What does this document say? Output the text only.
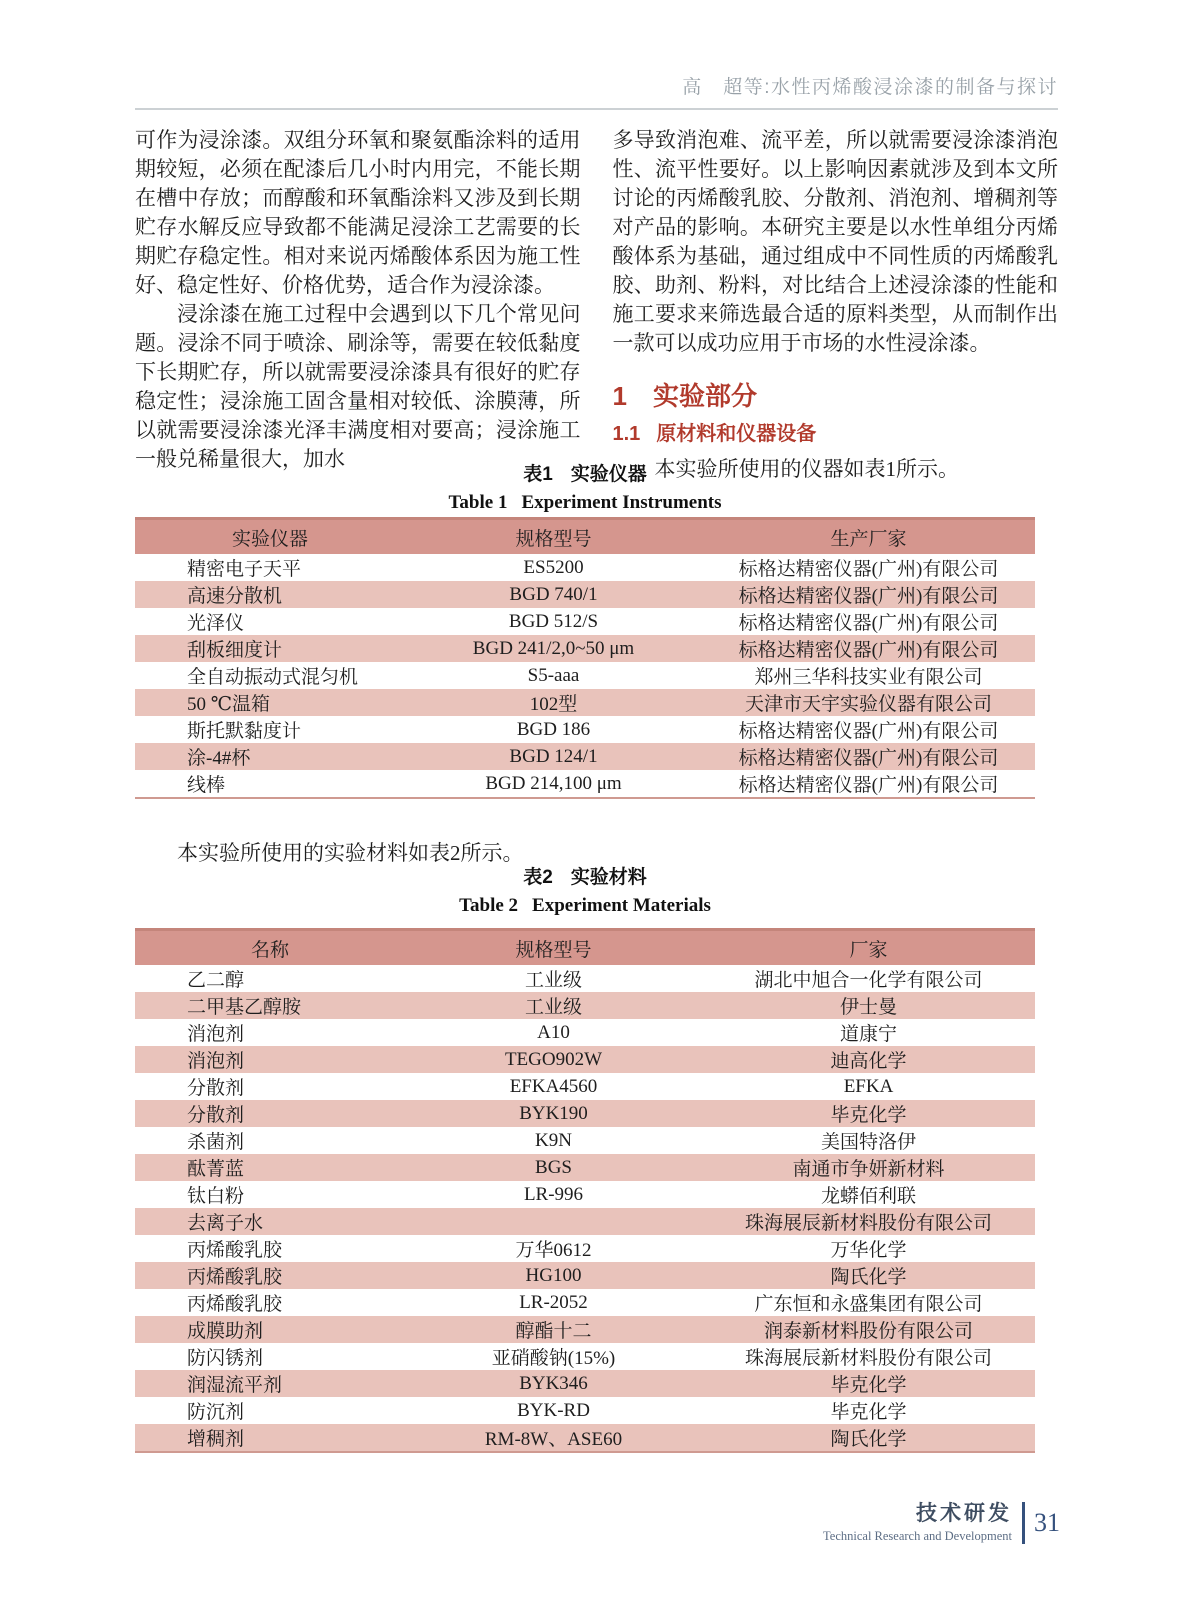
高　超等:水性丙烯酸浸涂漆的制备与探讨

可作为浸涂漆。双组分环氧和聚氨酯涂料的适用期较短，必须在配漆后几小时内用完，不能长期在槽中存放；而醇酸和环氧酯涂料又涉及到长期贮存水解反应导致都不能满足浸涂工艺需要的长期贮存稳定性。相对来说丙烯酸体系因为施工性好、稳定性好、价格优势，适合作为浸涂漆。

浸涂漆在施工过程中会遇到以下几个常见问题。浸涂不同于喷涂、刷涂等，需要在较低黏度下长期贮存，所以就需要浸涂漆具有很好的贮存稳定性；浸涂施工固含量相对较低、涂膜薄，所以就需要浸涂漆光泽丰满度相对要高；浸涂施工一般兑稀量很大，加水

多导致消泡难、流平差，所以就需要浸涂漆消泡性、流平性要好。以上影响因素就涉及到本文所讨论的丙烯酸乳胶、分散剂、消泡剂、增稠剂等对产品的影响。本研究主要是以水性单组分丙烯酸体系为基础，通过组成中不同性质的丙烯酸乳胶、助剂、粉料，对比结合上述浸涂漆的性能和施工要求来筛选最合适的原料类型，从而制作出一款可以成功应用于市场的水性浸涂漆。

1 实验部分
1.1 原材料和仪器设备

本实验所使用的仪器如表1所示。

表1 实验仪器
Table 1 Experiment Instruments
实验仪器	规格型号	生产厂家
精密电子天平	ES5200	标格达精密仪器(广州)有限公司
高速分散机	BGD 740/1	标格达精密仪器(广州)有限公司
光泽仪	BGD 512/S	标格达精密仪器(广州)有限公司
刮板细度计	BGD 241/2,0~50 μm	标格达精密仪器(广州)有限公司
全自动振动式混匀机	S5-aaa	郑州三华科技实业有限公司
50 ℃温箱	102型	天津市天宇实验仪器有限公司
斯托默黏度计	BGD 186	标格达精密仪器(广州)有限公司
涂-4#杯	BGD 124/1	标格达精密仪器(广州)有限公司
线棒	BGD 214,100 μm	标格达精密仪器(广州)有限公司

本实验所使用的实验材料如表2所示。

表2 实验材料
Table 2 Experiment Materials
名称	规格型号	厂家
乙二醇	工业级	湖北中旭合一化学有限公司
二甲基乙醇胺	工业级	伊士曼
消泡剂	A10	道康宁
消泡剂	TEGO902W	迪高化学
分散剂	EFKA4560	EFKA
分散剂	BYK190	毕克化学
杀菌剂	K9N	美国特洛伊
酞菁蓝	BGS	南通市争妍新材料
钛白粉	LR-996	龙蟒佰利联
去离子水		珠海展辰新材料股份有限公司
丙烯酸乳胶	万华0612	万华化学
丙烯酸乳胶	HG100	陶氏化学
丙烯酸乳胶	LR-2052	广东恒和永盛集团有限公司
成膜助剂	醇酯十二	润泰新材料股份有限公司
防闪锈剂	亚硝酸钠(15%)	珠海展辰新材料股份有限公司
润湿流平剂	BYK346	毕克化学
防沉剂	BYK-RD	毕克化学
增稠剂	RM-8W、ASE60	陶氏化学
技术研发
Technical Research and Development 31
